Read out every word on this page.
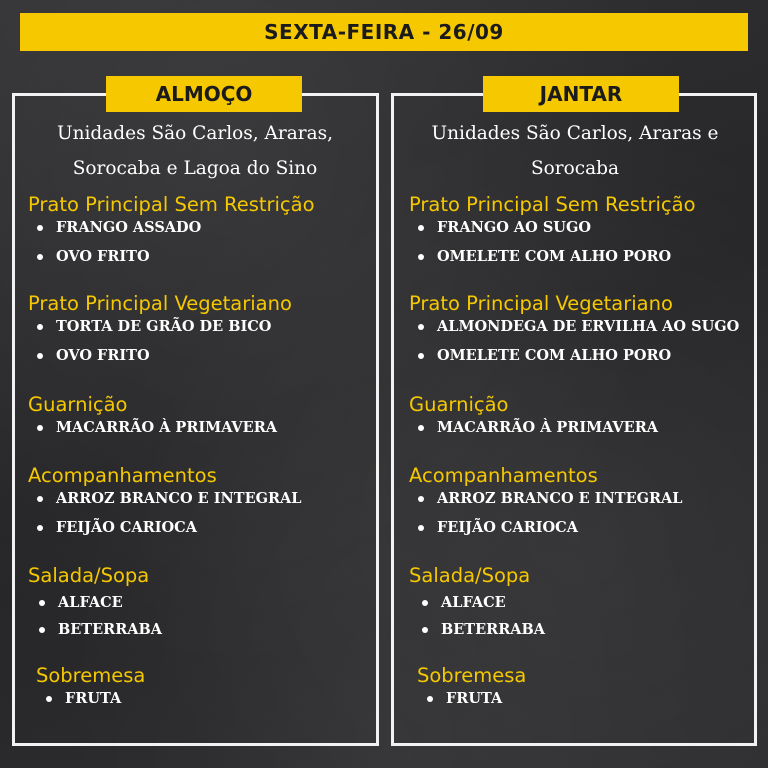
SEXTA-FEIRA - 26/09
ALMOÇO	JANTAR
Unidades São Carlos, Araras,
Sorocaba e Lagoa do Sino
Unidades São Carlos, Araras e
Sorocaba
Prato Principal Sem Restrição
FRANGO ASSADO
OVO FRITO
Prato Principal Vegetariano
TORTA DE GRÃO DE BICO
OVO FRITO
Guarnição
MACARRÃO À PRIMAVERA
Acompanhamentos
ARROZ BRANCO E INTEGRAL
FEIJÃO CARIOCA
Salada/Sopa
ALFACE
BETERRABA
Sobremesa
FRUTA
Prato Principal Sem Restrição
FRANGO AO SUGO
OMELETE COM ALHO PORO
Prato Principal Vegetariano
ALMONDEGA DE ERVILHA AO SUGO
OMELETE COM ALHO PORO
Guarnição
MACARRÃO À PRIMAVERA
Acompanhamentos
ARROZ BRANCO E INTEGRAL
FEIJÃO CARIOCA
Salada/Sopa
ALFACE
BETERRABA
Sobremesa
FRUTA
